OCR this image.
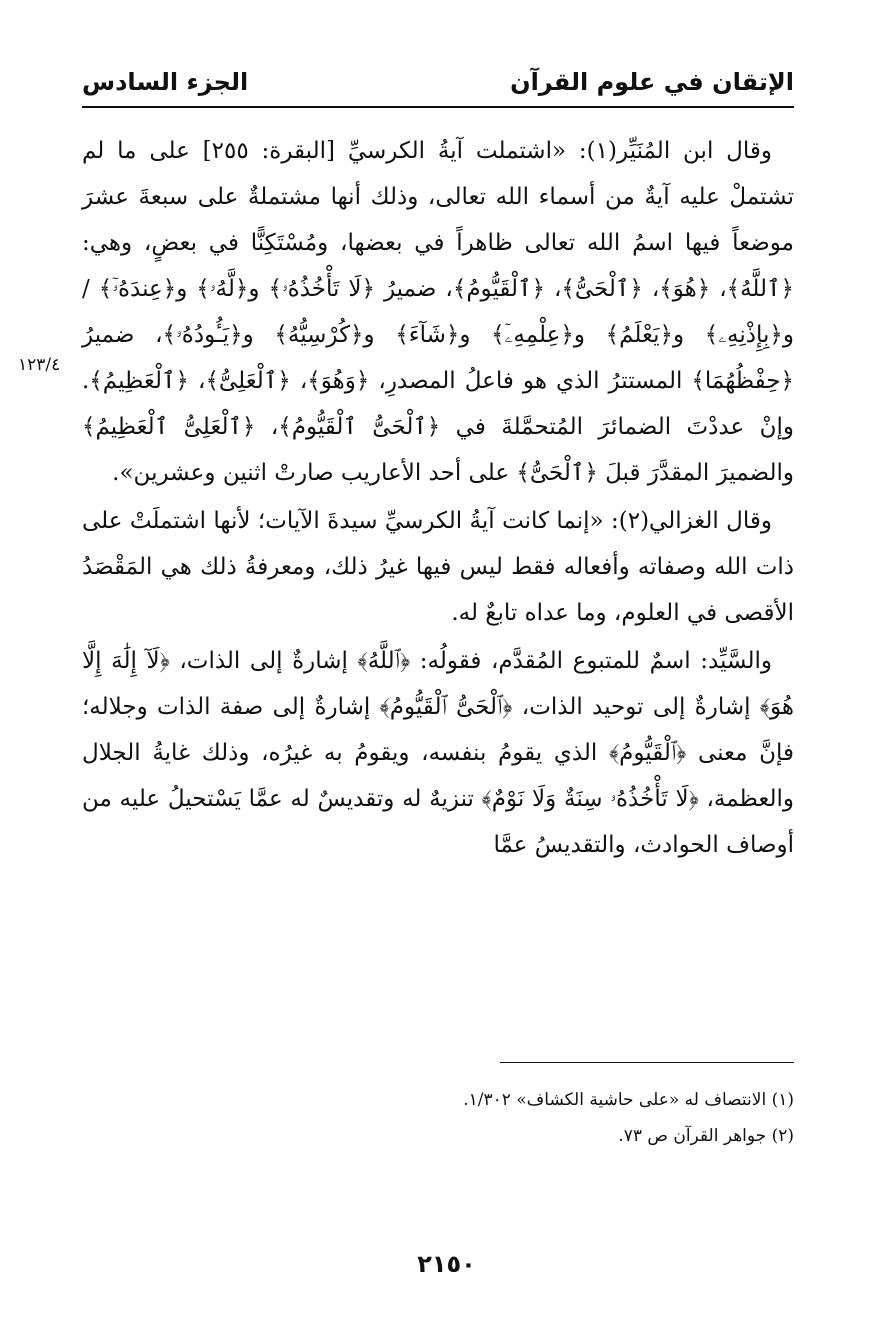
الإتقان في علوم القرآن
الجزء السادس
١٢٣/٤

وقال ابن المُنَيِّر(١): «اشتملت آيةُ الكرسيِّ [البقرة: ٢٥٥] على ما لم تشتملْ عليه آيةٌ من أسماء الله تعالى، وذلك أنها مشتملةٌ على سبعةَ عشرَ موضعاً فيها اسمُ الله تعالى ظاهراً في بعضها، ومُسْتَكِنًّا في بعضٍ، وهي: ﴿ٱللَّهُ﴾، ﴿هُوَ﴾، ﴿ٱلْحَىُّ﴾، ﴿ٱلْقَيُّومُ﴾، ضميرُ ﴿لَا تَأْخُذُهُۥ﴾ و﴿لَّهُۥ﴾ و﴿عِندَهُۥٓ﴾ / و﴿بِإِذْنِهِۦ﴾ و﴿يَعْلَمُ﴾ و﴿عِلْمِهِۦٓ﴾ و﴿شَآءَ﴾ و﴿كُرْسِيُّهُ﴾ و﴿يَـُٔودُهُۥ﴾، ضميرُ ﴿حِفْظُهُمَا﴾ المستترُ الذي هو فاعلُ المصدرِ، ﴿وَهُوَ﴾، ﴿ٱلْعَلِىُّ﴾، ﴿ٱلْعَظِيمُ﴾. وإنْ عددْتَ الضمائرَ المُتحمَّلةَ في ﴿ٱلْحَىُّ ٱلْقَيُّومُ﴾، ﴿ٱلْعَلِىُّ ٱلْعَظِيمُ﴾ والضميرَ المقدَّرَ قبلَ ﴿ٱلْحَىُّ﴾ على أحد الأعاريب صارتْ اثنين وعشرين».

وقال الغزالي(٢): «إنما كانت آيةُ الكرسيِّ سيدةَ الآيات؛ لأنها اشتملَتْ على ذات الله وصفاته وأفعاله فقط ليس فيها غيرُ ذلك، ومعرفةُ ذلك هي المَقْصَدُ الأقصى في العلوم، وما عداه تابعٌ له.

والسَّيِّد: اسمٌ للمتبوع المُقدَّم، فقولُه: ﴿ٱللَّهُ﴾ إشارةٌ إلى الذات، ﴿لَآ إِلَٰهَ إِلَّا هُوَ﴾ إشارةٌ إلى توحيد الذات، ﴿ٱلْحَىُّ ٱلْقَيُّومُ﴾ إشارةٌ إلى صفة الذات وجلاله؛ فإنَّ معنى ﴿ٱلْقَيُّومُ﴾ الذي يقومُ بنفسه، ويقومُ به غيرُه، وذلك غايةُ الجلال والعظمة، ﴿لَا تَأْخُذُهُۥ سِنَةٌ وَلَا نَوْمٌ﴾ تنزيهٌ له وتقديسٌ له عمَّا يَسْتحيلُ عليه من أوصاف الحوادث، والتقديسُ عمَّا

(١) الانتصاف له «على حاشية الكشاف» ١/٣٠٢.
(٢) جواهر القرآن ص ٧٣.
٢١٥٠
